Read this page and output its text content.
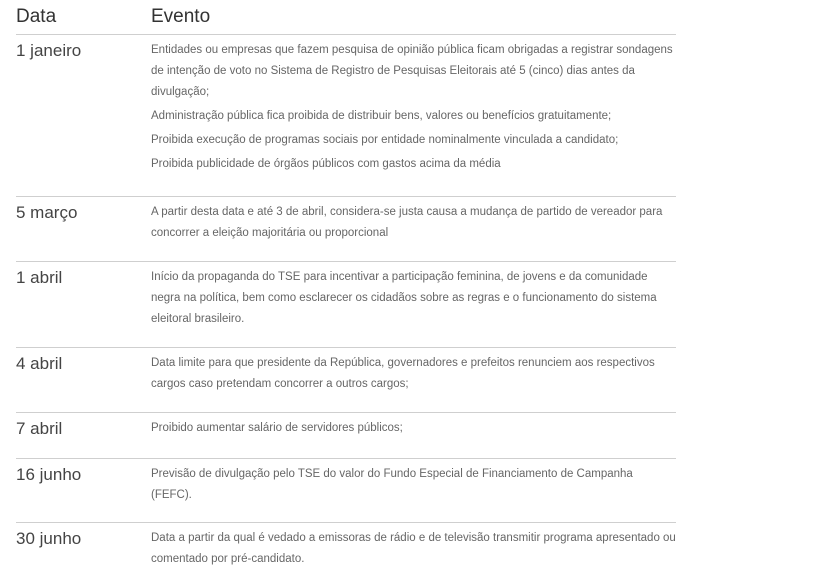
Data	Evento
1 janeiro	Entidades ou empresas que fazem pesquisa de opinião pública ficam obrigadas a registrar sondagens de intenção de voto no Sistema de Registro de Pesquisas Eleitorais até 5 (cinco) dias antes da divulgação;

Administração pública fica proibida de distribuir bens, valores ou benefícios gratuitamente;

Proibida execução de programas sociais por entidade nominalmente vinculada a candidato;

Proibida publicidade de órgãos públicos com gastos acima da média

5 março	A partir desta data e até 3 de abril, considera-se justa causa a mudança de partido de vereador para concorrer a eleição majoritária ou proporcional

1 abril	Início da propaganda do TSE para incentivar a participação feminina, de jovens e da comunidade negra na política, bem como esclarecer os cidadãos sobre as regras e o funcionamento do sistema eleitoral brasileiro.

4 abril	Data limite para que presidente da República, governadores e prefeitos renunciem aos respectivos cargos caso pretendam concorrer a outros cargos;

7 abril	Proibido aumentar salário de servidores públicos;

16 junho	Previsão de divulgação pelo TSE do valor do Fundo Especial de Financiamento de Campanha (FEFC).

30 junho	Data a partir da qual é vedado a emissoras de rádio e de televisão transmitir programa apresentado ou comentado por pré-candidato.
